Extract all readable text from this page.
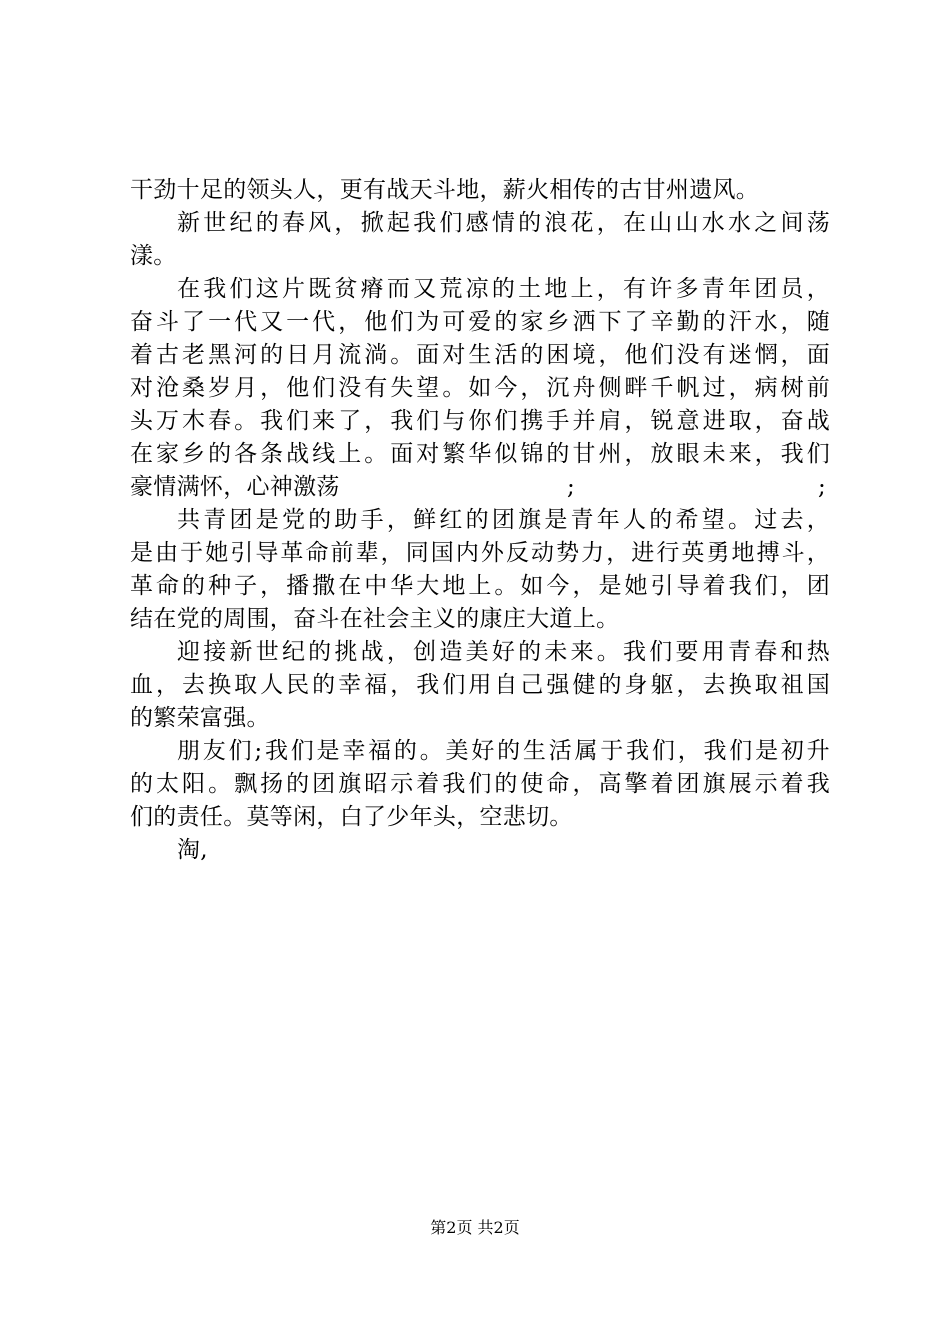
干劲十足的领头人，更有战天斗地，薪火相传的古甘州遗风。
新世纪的春风，掀起我们感情的浪花，在山山水水之间荡
漾。
在我们这片既贫瘠而又荒凉的土地上，有许多青年团员，
奋斗了一代又一代，他们为可爱的家乡洒下了辛勤的汗水，随
着古老黑河的日月流淌。面对生活的困境，他们没有迷惘，面
对沧桑岁月，他们没有失望。如今，沉舟侧畔千帆过，病树前
头万木春。我们来了，我们与你们携手并肩，锐意进取，奋战
在家乡的各条战线上。面对繁华似锦的甘州，放眼未来，我们
豪情满怀，心神激荡	;	;
共青团是党的助手，鲜红的团旗是青年人的希望。过去，
是由于她引导革命前辈，同国内外反动势力，进行英勇地搏斗，
革命的种子，播撒在中华大地上。如今，是她引导着我们，团
结在党的周围，奋斗在社会主义的康庄大道上。
迎接新世纪的挑战，创造美好的未来。我们要用青春和热
血，去换取人民的幸福，我们用自己强健的身躯，去换取祖国
的繁荣富强。
朋友们;我们是幸福的。美好的生活属于我们，我们是初升
的太阳。飘扬的团旗昭示着我们的使命，高擎着团旗展示着我
们的责任。莫等闲，白了少年头，空悲切。
淘,
第2页 共2页
